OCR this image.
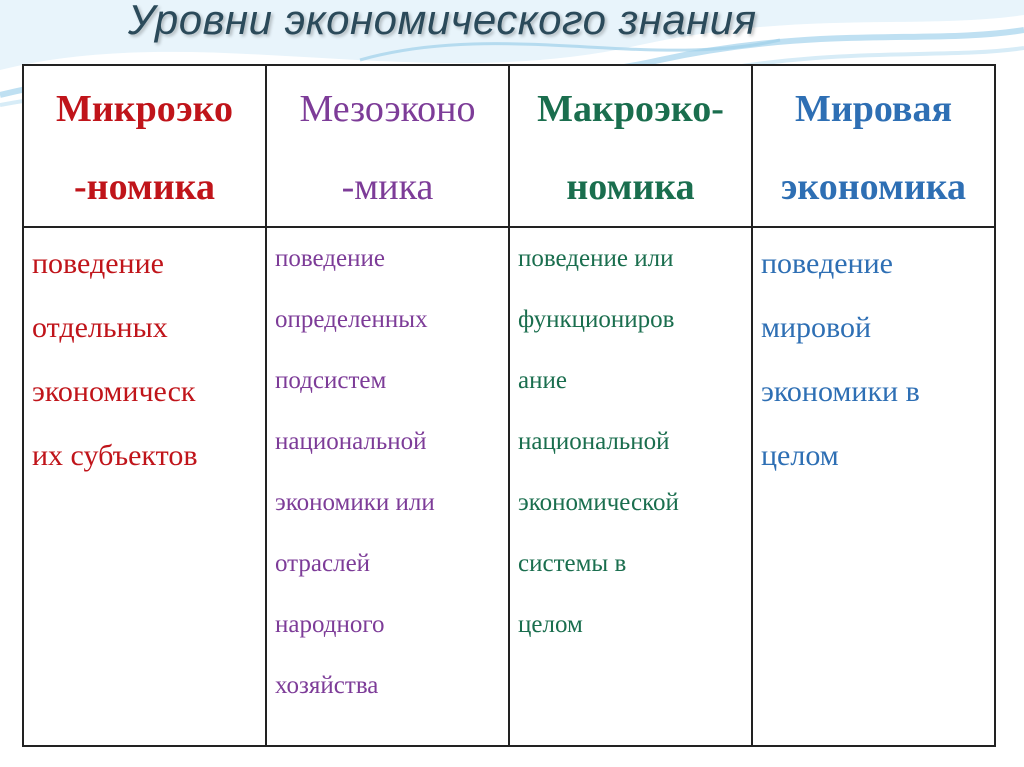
Уровни экономического знания
Микроэко -номика
Мезоэконо -мика
Макроэко- номика
Мировая экономика
поведение
отдельных
экономическ
их субъектов
поведение
определенных
подсистем
национальной
экономики или
отраслей
народного
хозяйства
поведение или
функциониров
ание
национальной
экономической
системы в
целом
поведение
мировой
экономики в
целом
